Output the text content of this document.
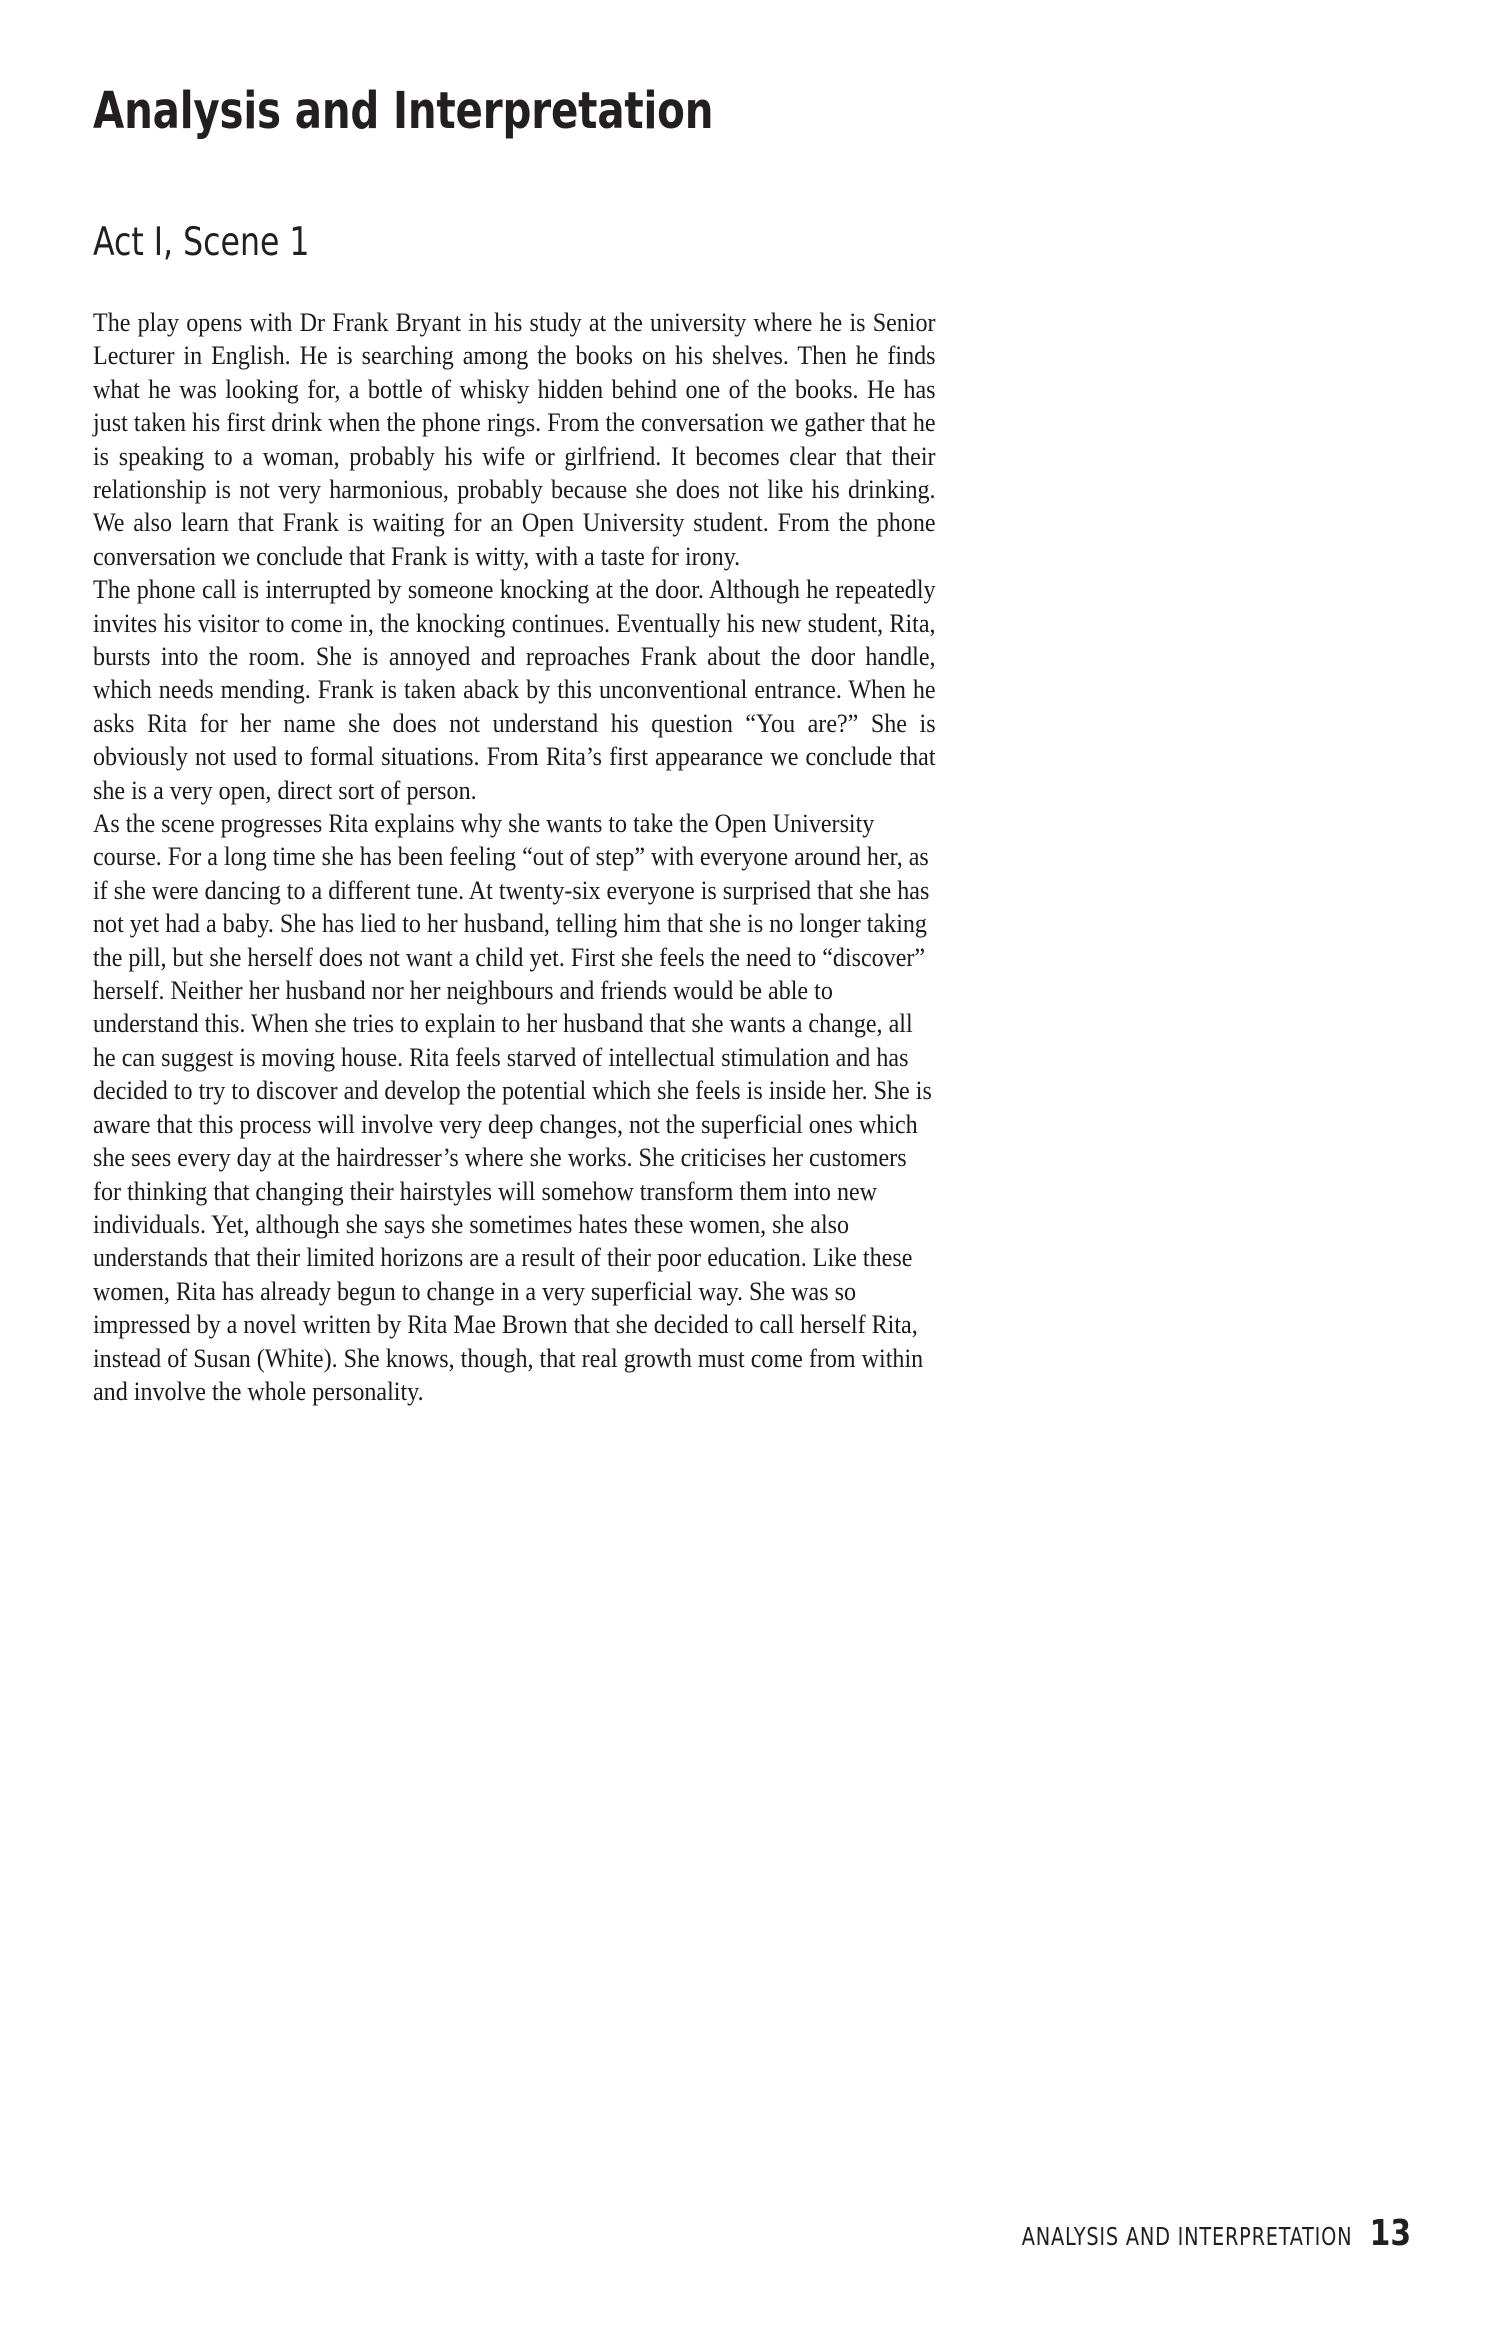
Analysis and Interpretation
Act I, Scene 1

The play opens with Dr Frank Bryant in his study at the university where he is Senior Lecturer in English. He is searching among the books on his shelves. Then he finds what he was looking for, a bottle of whisky hidden behind one of the books. He has just taken his first drink when the phone rings. From the conversation we gather that he is speaking to a woman, probably his wife or girlfriend. It becomes clear that their relationship is not very harmonious, probably because she does not like his drinking. We also learn that Frank is waiting for an Open University student. From the phone conversation we conclude that Frank is witty, with a taste for irony.

The phone call is interrupted by someone knocking at the door. Although he repeatedly invites his visitor to come in, the knocking continues. Eventually his new student, Rita, bursts into the room. She is annoyed and reproaches Frank about the door handle, which needs mending. Frank is taken aback by this unconventional entrance. When he asks Rita for her name she does not understand his question “You are?” She is obviously not used to formal situations. From Rita’s first appearance we conclude that she is a very open, direct sort of person.

As the scene progresses Rita explains why she wants to take the Open University course. For a long time she has been feeling “out of step” with everyone around her, as if she were dancing to a different tune. At twenty-six everyone is surprised that she has not yet had a baby. She has lied to her husband, telling him that she is no longer taking the pill, but she herself does not want a child yet. First she feels the need to “discover” herself. Neither her husband nor her neighbours and friends would be able to understand this. When she tries to explain to her husband that she wants a change, all he can suggest is moving house. Rita feels starved of intellectual stimulation and has decided to try to discover and develop the potential which she feels is inside her. She is aware that this process will involve very deep changes, not the superficial ones which she sees every day at the hairdresser’s where she works. She criticises her customers for thinking that changing their hairstyles will somehow transform them into new individuals. Yet, although she says she sometimes hates these women, she also understands that their limited horizons are a result of their poor education. Like these women, Rita has already begun to change in a very superficial way. She was so impressed by a novel written by Rita Mae Brown that she decided to call herself Rita, instead of Susan (White). She knows, though, that real growth must come from within and involve the whole personality.

ANALYSIS AND INTERPRETATION 13
